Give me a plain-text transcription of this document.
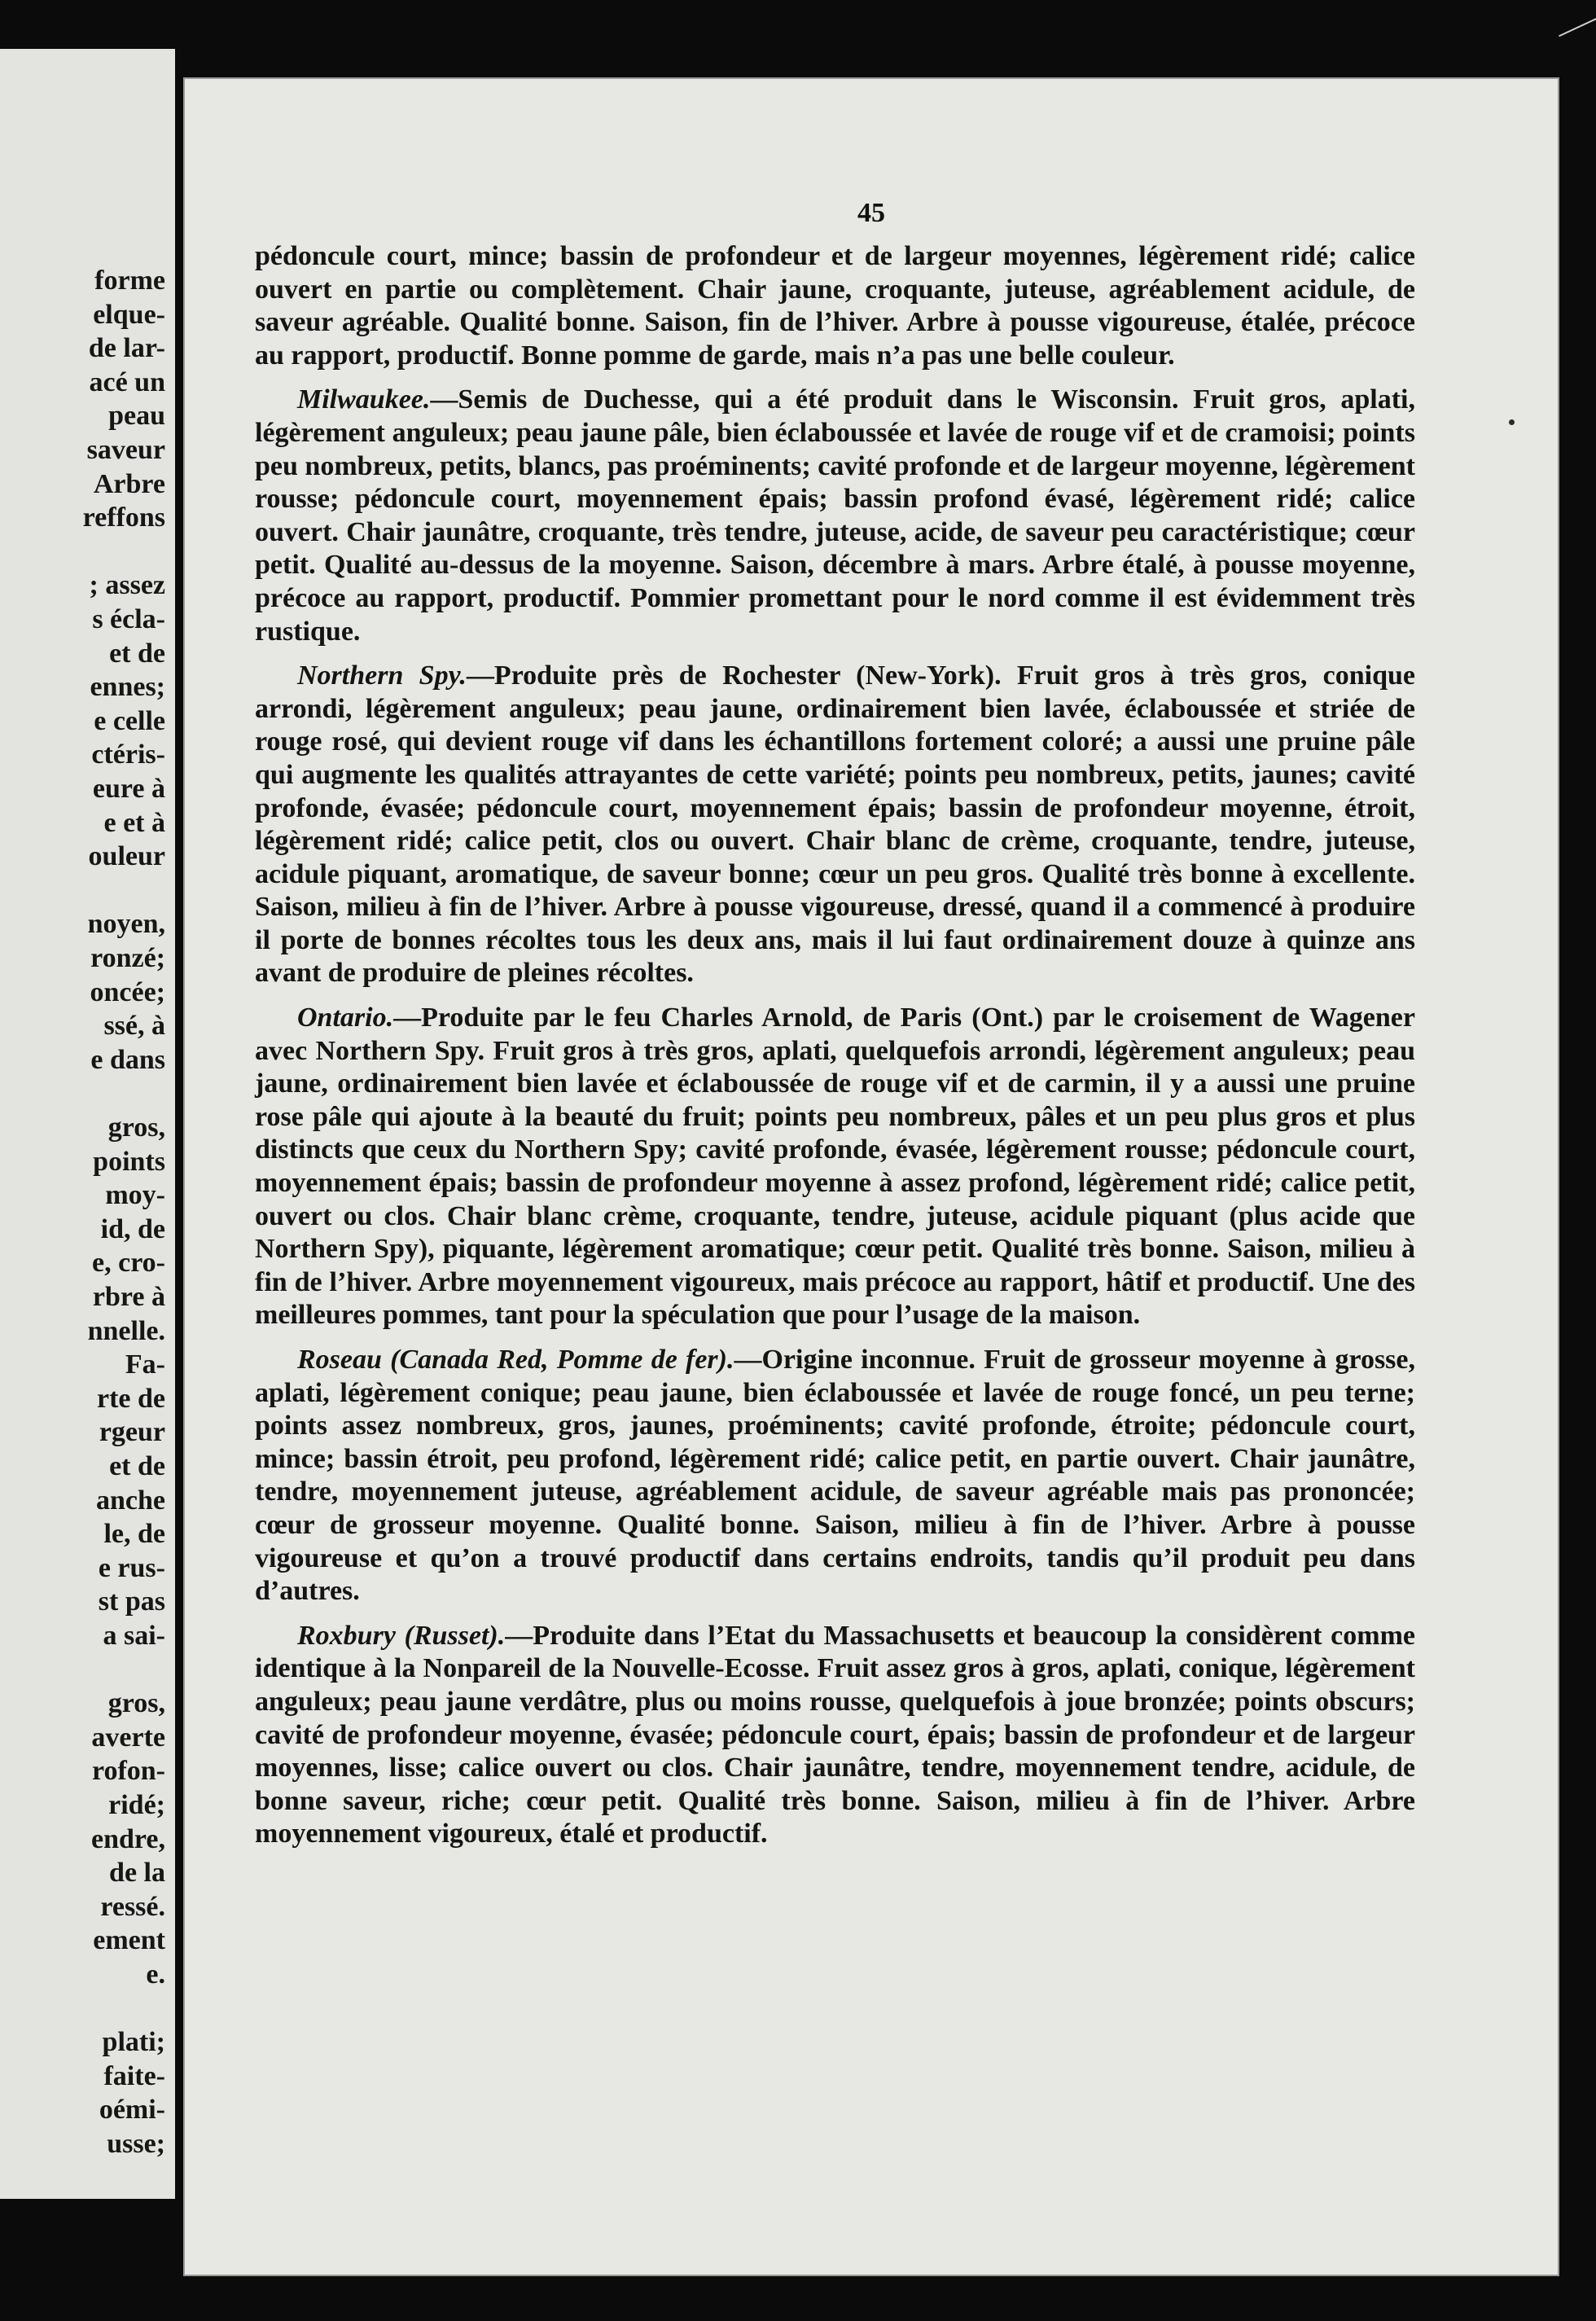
forme
elque-
de lar-
acé un
peau
saveur
Arbre
reffons
; assez
s écla-
et de
ennes;
e celle
ctéris-
eure à
e et à
ouleur
noyen,
ronzé;
oncée;
ssé, à
e dans
gros,
points
moy-
id, de
e, cro-
rbre à
nnelle.
Fa-
rte de
rgeur
et de
anche
le, de
e rus-
st pas
a sai-
gros,
averte
rofon-
ridé;
endre,
de la
ressé.
ement
e.
plati;
faite-
oémi-
usse;
45

pédoncule court, mince; bassin de profondeur et de largeur moyennes, légèrement ridé; calice ouvert en partie ou complètement. Chair jaune, croquante, juteuse, agréablement acidule, de saveur agréable. Qualité bonne. Saison, fin de l’hiver. Arbre à pousse vigoureuse, étalée, précoce au rapport, productif. Bonne pomme de garde, mais n’a pas une belle couleur.

Milwaukee.—Semis de Duchesse, qui a été produit dans le Wisconsin. Fruit gros, aplati, légèrement anguleux; peau jaune pâle, bien éclaboussée et lavée de rouge vif et de cramoisi; points peu nombreux, petits, blancs, pas proéminents; cavité profonde et de largeur moyenne, légèrement rousse; pédoncule court, moyennement épais; bassin profond évasé, légèrement ridé; calice ouvert. Chair jaunâtre, croquante, très tendre, juteuse, acide, de saveur peu caractéristique; cœur petit. Qualité au-dessus de la moyenne. Saison, décembre à mars. Arbre étalé, à pousse moyenne, précoce au rapport, productif. Pommier promettant pour le nord comme il est évidemment très rustique.

Northern Spy.—Produite près de Rochester (New-York). Fruit gros à très gros, conique arrondi, légèrement anguleux; peau jaune, ordinairement bien lavée, éclaboussée et striée de rouge rosé, qui devient rouge vif dans les échantillons fortement coloré; a aussi une pruine pâle qui augmente les qualités attrayantes de cette variété; points peu nombreux, petits, jaunes; cavité profonde, évasée; pédoncule court, moyennement épais; bassin de profondeur moyenne, étroit, légèrement ridé; calice petit, clos ou ouvert. Chair blanc de crème, croquante, tendre, juteuse, acidule piquant, aromatique, de saveur bonne; cœur un peu gros. Qualité très bonne à excellente. Saison, milieu à fin de l’hiver. Arbre à pousse vigoureuse, dressé, quand il a commencé à produire il porte de bonnes récoltes tous les deux ans, mais il lui faut ordinairement douze à quinze ans avant de produire de pleines récoltes.

Ontario.—Produite par le feu Charles Arnold, de Paris (Ont.) par le croisement de Wagener avec Northern Spy. Fruit gros à très gros, aplati, quelquefois arrondi, légèrement anguleux; peau jaune, ordinairement bien lavée et éclaboussée de rouge vif et de carmin, il y a aussi une pruine rose pâle qui ajoute à la beauté du fruit; points peu nombreux, pâles et un peu plus gros et plus distincts que ceux du Northern Spy; cavité profonde, évasée, légèrement rousse; pédoncule court, moyennement épais; bassin de profondeur moyenne à assez profond, légèrement ridé; calice petit, ouvert ou clos. Chair blanc crème, croquante, tendre, juteuse, acidule piquant (plus acide que Northern Spy), piquante, légèrement aromatique; cœur petit. Qualité très bonne. Saison, milieu à fin de l’hiver. Arbre moyennement vigoureux, mais précoce au rapport, hâtif et productif. Une des meilleures pommes, tant pour la spéculation que pour l’usage de la maison.

Roseau (Canada Red, Pomme de fer).—Origine inconnue. Fruit de grosseur moyenne à grosse, aplati, légèrement conique; peau jaune, bien éclaboussée et lavée de rouge foncé, un peu terne; points assez nombreux, gros, jaunes, proéminents; cavité profonde, étroite; pédoncule court, mince; bassin étroit, peu profond, légèrement ridé; calice petit, en partie ouvert. Chair jaunâtre, tendre, moyennement juteuse, agréablement acidule, de saveur agréable mais pas prononcée; cœur de grosseur moyenne. Qualité bonne. Saison, milieu à fin de l’hiver. Arbre à pousse vigoureuse et qu’on a trouvé productif dans certains endroits, tandis qu’il produit peu dans d’autres.

Roxbury (Russet).—Produite dans l’Etat du Massachusetts et beaucoup la considèrent comme identique à la Nonpareil de la Nouvelle-Ecosse. Fruit assez gros à gros, aplati, conique, légèrement anguleux; peau jaune verdâtre, plus ou moins rousse, quelquefois à joue bronzée; points obscurs; cavité de profondeur moyenne, évasée; pédoncule court, épais; bassin de profondeur et de largeur moyennes, lisse; calice ouvert ou clos. Chair jaunâtre, tendre, moyennement tendre, acidule, de bonne saveur, riche; cœur petit. Qualité très bonne. Saison, milieu à fin de l’hiver. Arbre moyennement vigoureux, étalé et productif.
